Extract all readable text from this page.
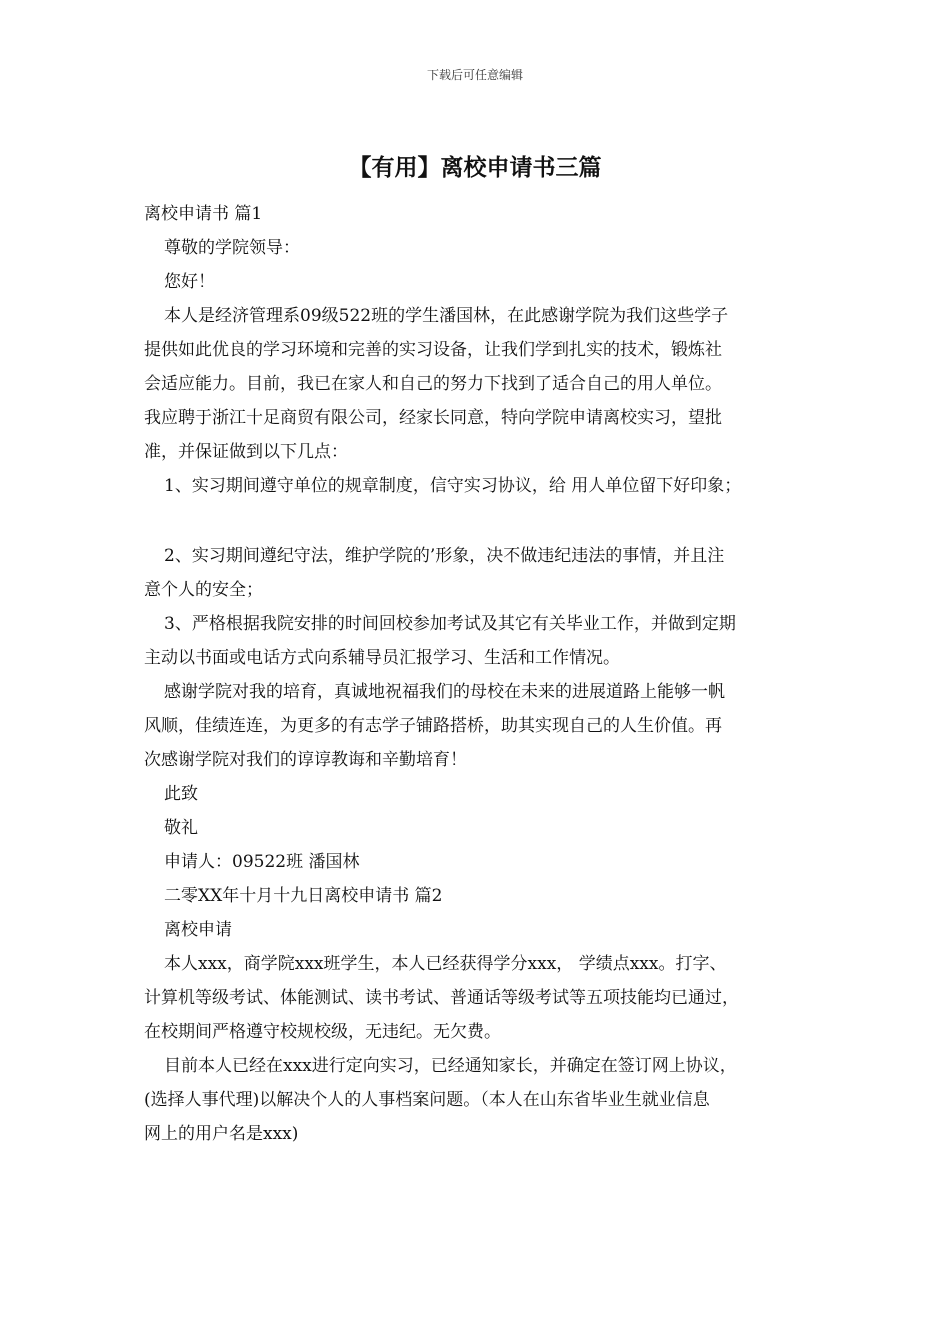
下载后可任意编辑
【有用】离校申请书三篇

离校申请书 篇1

尊敬的学院领导：

您好！

本人是经济管理系09级522班的学生潘国林，在此感谢学院为我们这些学子

提供如此优良的学习环境和完善的实习设备，让我们学到扎实的技术，锻炼社

会适应能力。目前，我已在家人和自己的努力下找到了适合自己的用人单位。

我应聘于浙江十足商贸有限公司，经家长同意，特向学院申请离校实习，望批

准，并保证做到以下几点：

1、实习期间遵守单位的规章制度，信守实习协议，给 用人单位留下好印象；

2、实习期间遵纪守法，维护学院的’形象，决不做违纪违法的事情，并且注

意个人的安全；

3、严格根据我院安排的时间回校参加考试及其它有关毕业工作，并做到定期

主动以书面或电话方式向系辅导员汇报学习、生活和工作情况。

感谢学院对我的培育，真诚地祝福我们的母校在未来的进展道路上能够一帆

风顺，佳绩连连，为更多的有志学子铺路搭桥，助其实现自己的人生价值。再

次感谢学院对我们的谆谆教诲和辛勤培育！

此致

敬礼

申请人：09522班 潘国林

二零XX年十月十九日离校申请书 篇2

离校申请

本人xxx，商学院xxx班学生，本人已经获得学分xxx， 学绩点xxx。打字、

计算机等级考试、体能测试、读书考试、普通话等级考试等五项技能均已通过，

在校期间严格遵守校规校级，无违纪。无欠费。

目前本人已经在xxx进行定向实习，已经通知家长，并确定在签订网上协议，

(选择人事代理)以解决个人的人事档案问题。（本人在山东省毕业生就业信息

网上的用户名是xxx)
